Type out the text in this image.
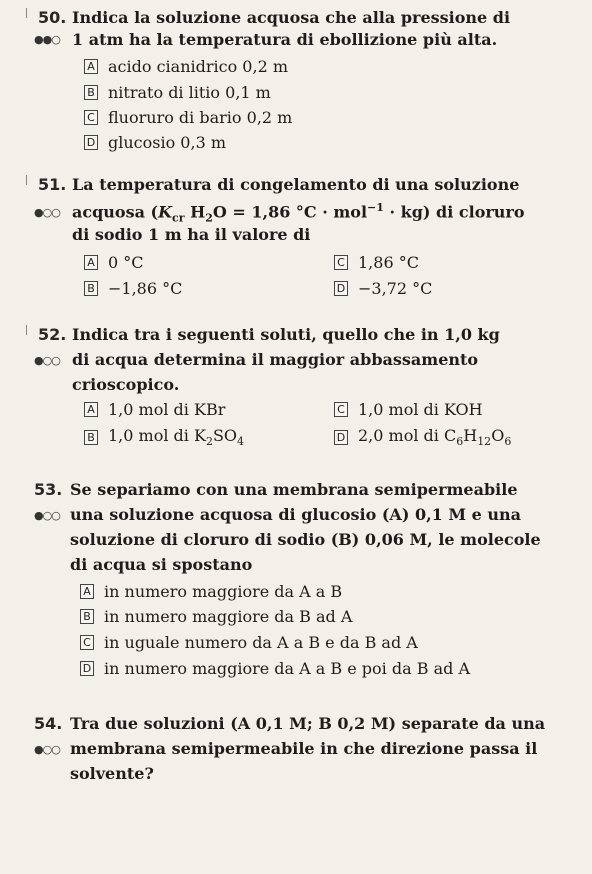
50. Indica la soluzione acquosa che alla pressione di
●●○ 1 atm ha la temperatura di ebollizione più alta.
A acido cianidrico 0,2 m
B nitrato di litio 0,1 m
C fluoruro di bario 0,2 m
D glucosio 0,3 m
51. La temperatura di congelamento di una soluzione
●○○ acquosa ($K_{cr}$ $H_2O = 1,86$ °C · mol$^{-1}$ · kg) di cloruro
di sodio 1 m ha il valore di
A 0 °C
B −1,86 °C
C 1,86 °C
D −3,72 °C
52. Indica tra i seguenti soluti, quello che in 1,0 kg
●○○ di acqua determina il maggior abbassamento
crioscopico.
A 1,0 mol di KBr
B 1,0 mol di $K_2SO_4$
C 1,0 mol di KOH
D 2,0 mol di $C_6H_{12}O_6$
53. Se separiamo con una membrana semipermeabile
●○○ una soluzione acquosa di glucosio (A) 0,1 M e una
soluzione di cloruro di sodio (B) 0,06 M, le molecole
di acqua si spostano
A in numero maggiore da A a B
B in numero maggiore da B ad A
C in uguale numero da A a B e da B ad A
D in numero maggiore da A a B e poi da B ad A
54. Tra due soluzioni (A 0,1 M; B 0,2 M) separate da una
●○○ membrana semipermeabile in che direzione passa il
solvente?
